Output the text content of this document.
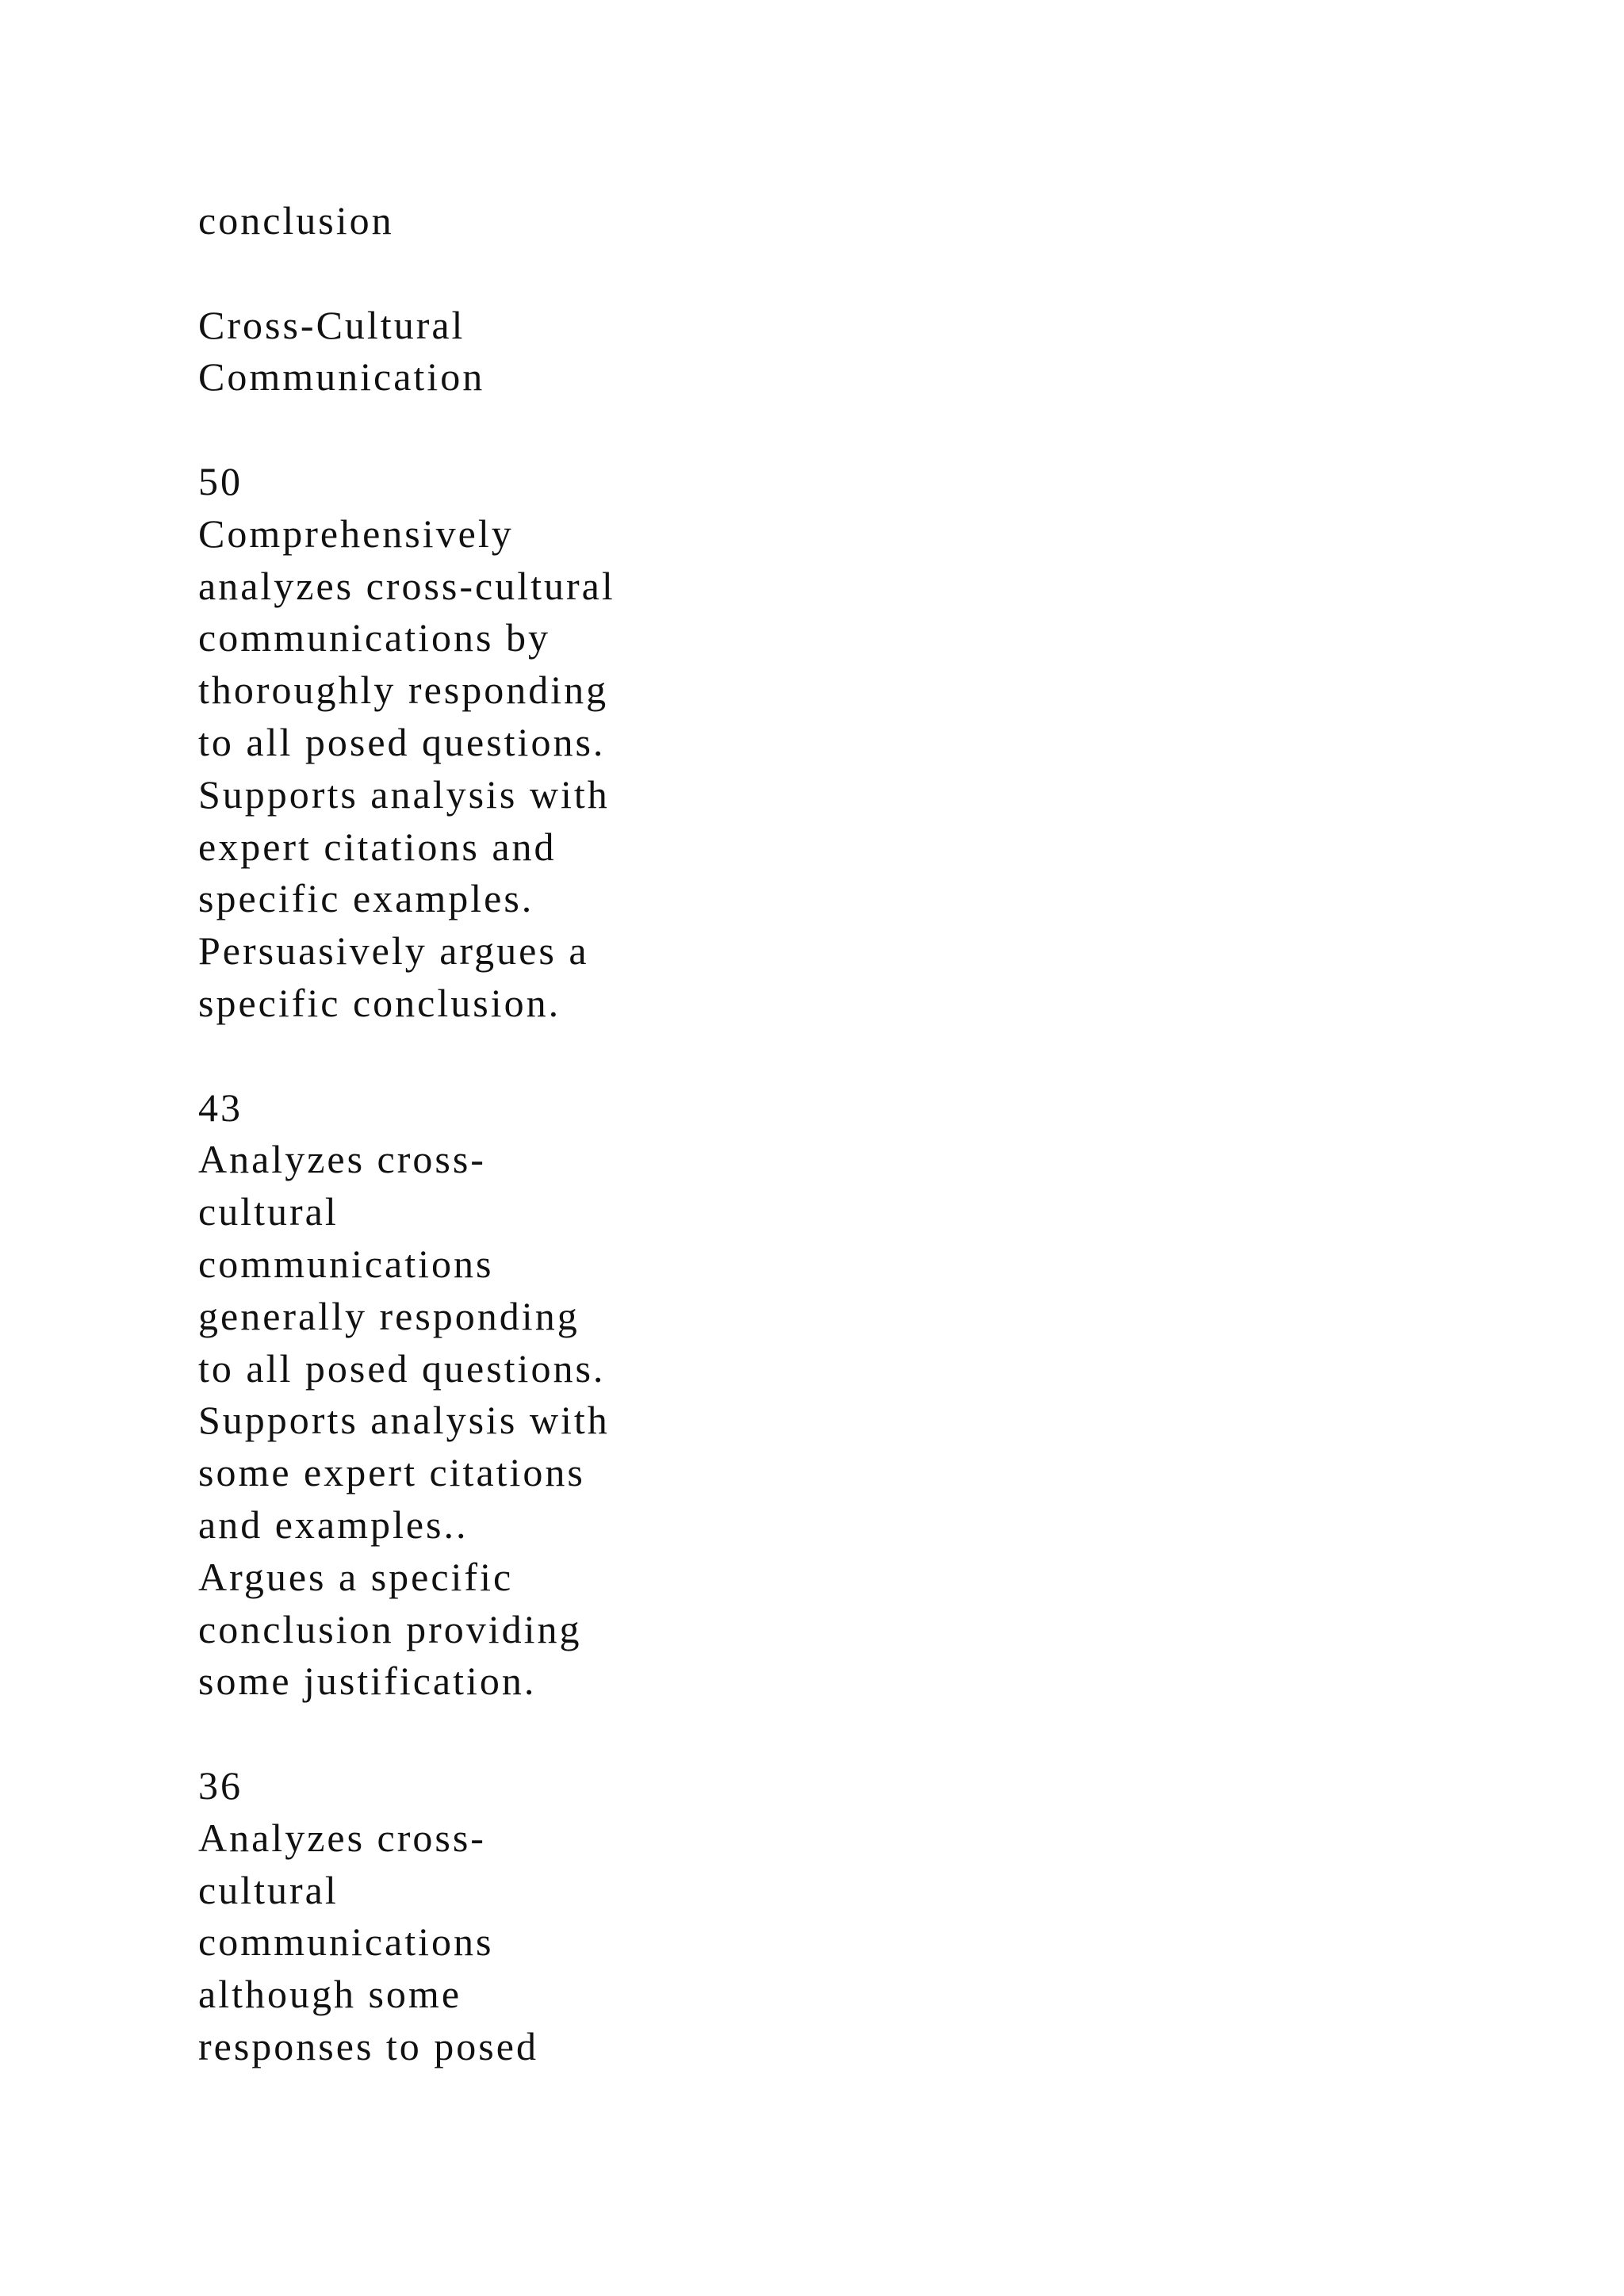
conclusion
Cross-Cultural
Communication
50
Comprehensively
analyzes cross-cultural
communications by
thoroughly responding
to all posed questions.
Supports analysis with
expert citations and
specific examples.
Persuasively argues a
specific conclusion.
43
Analyzes cross-
cultural
communications
generally responding
to all posed questions.
Supports analysis with
some expert citations
and examples..
Argues a specific
conclusion providing
some justification.
36
Analyzes cross-
cultural
communications
although some
responses to posed
